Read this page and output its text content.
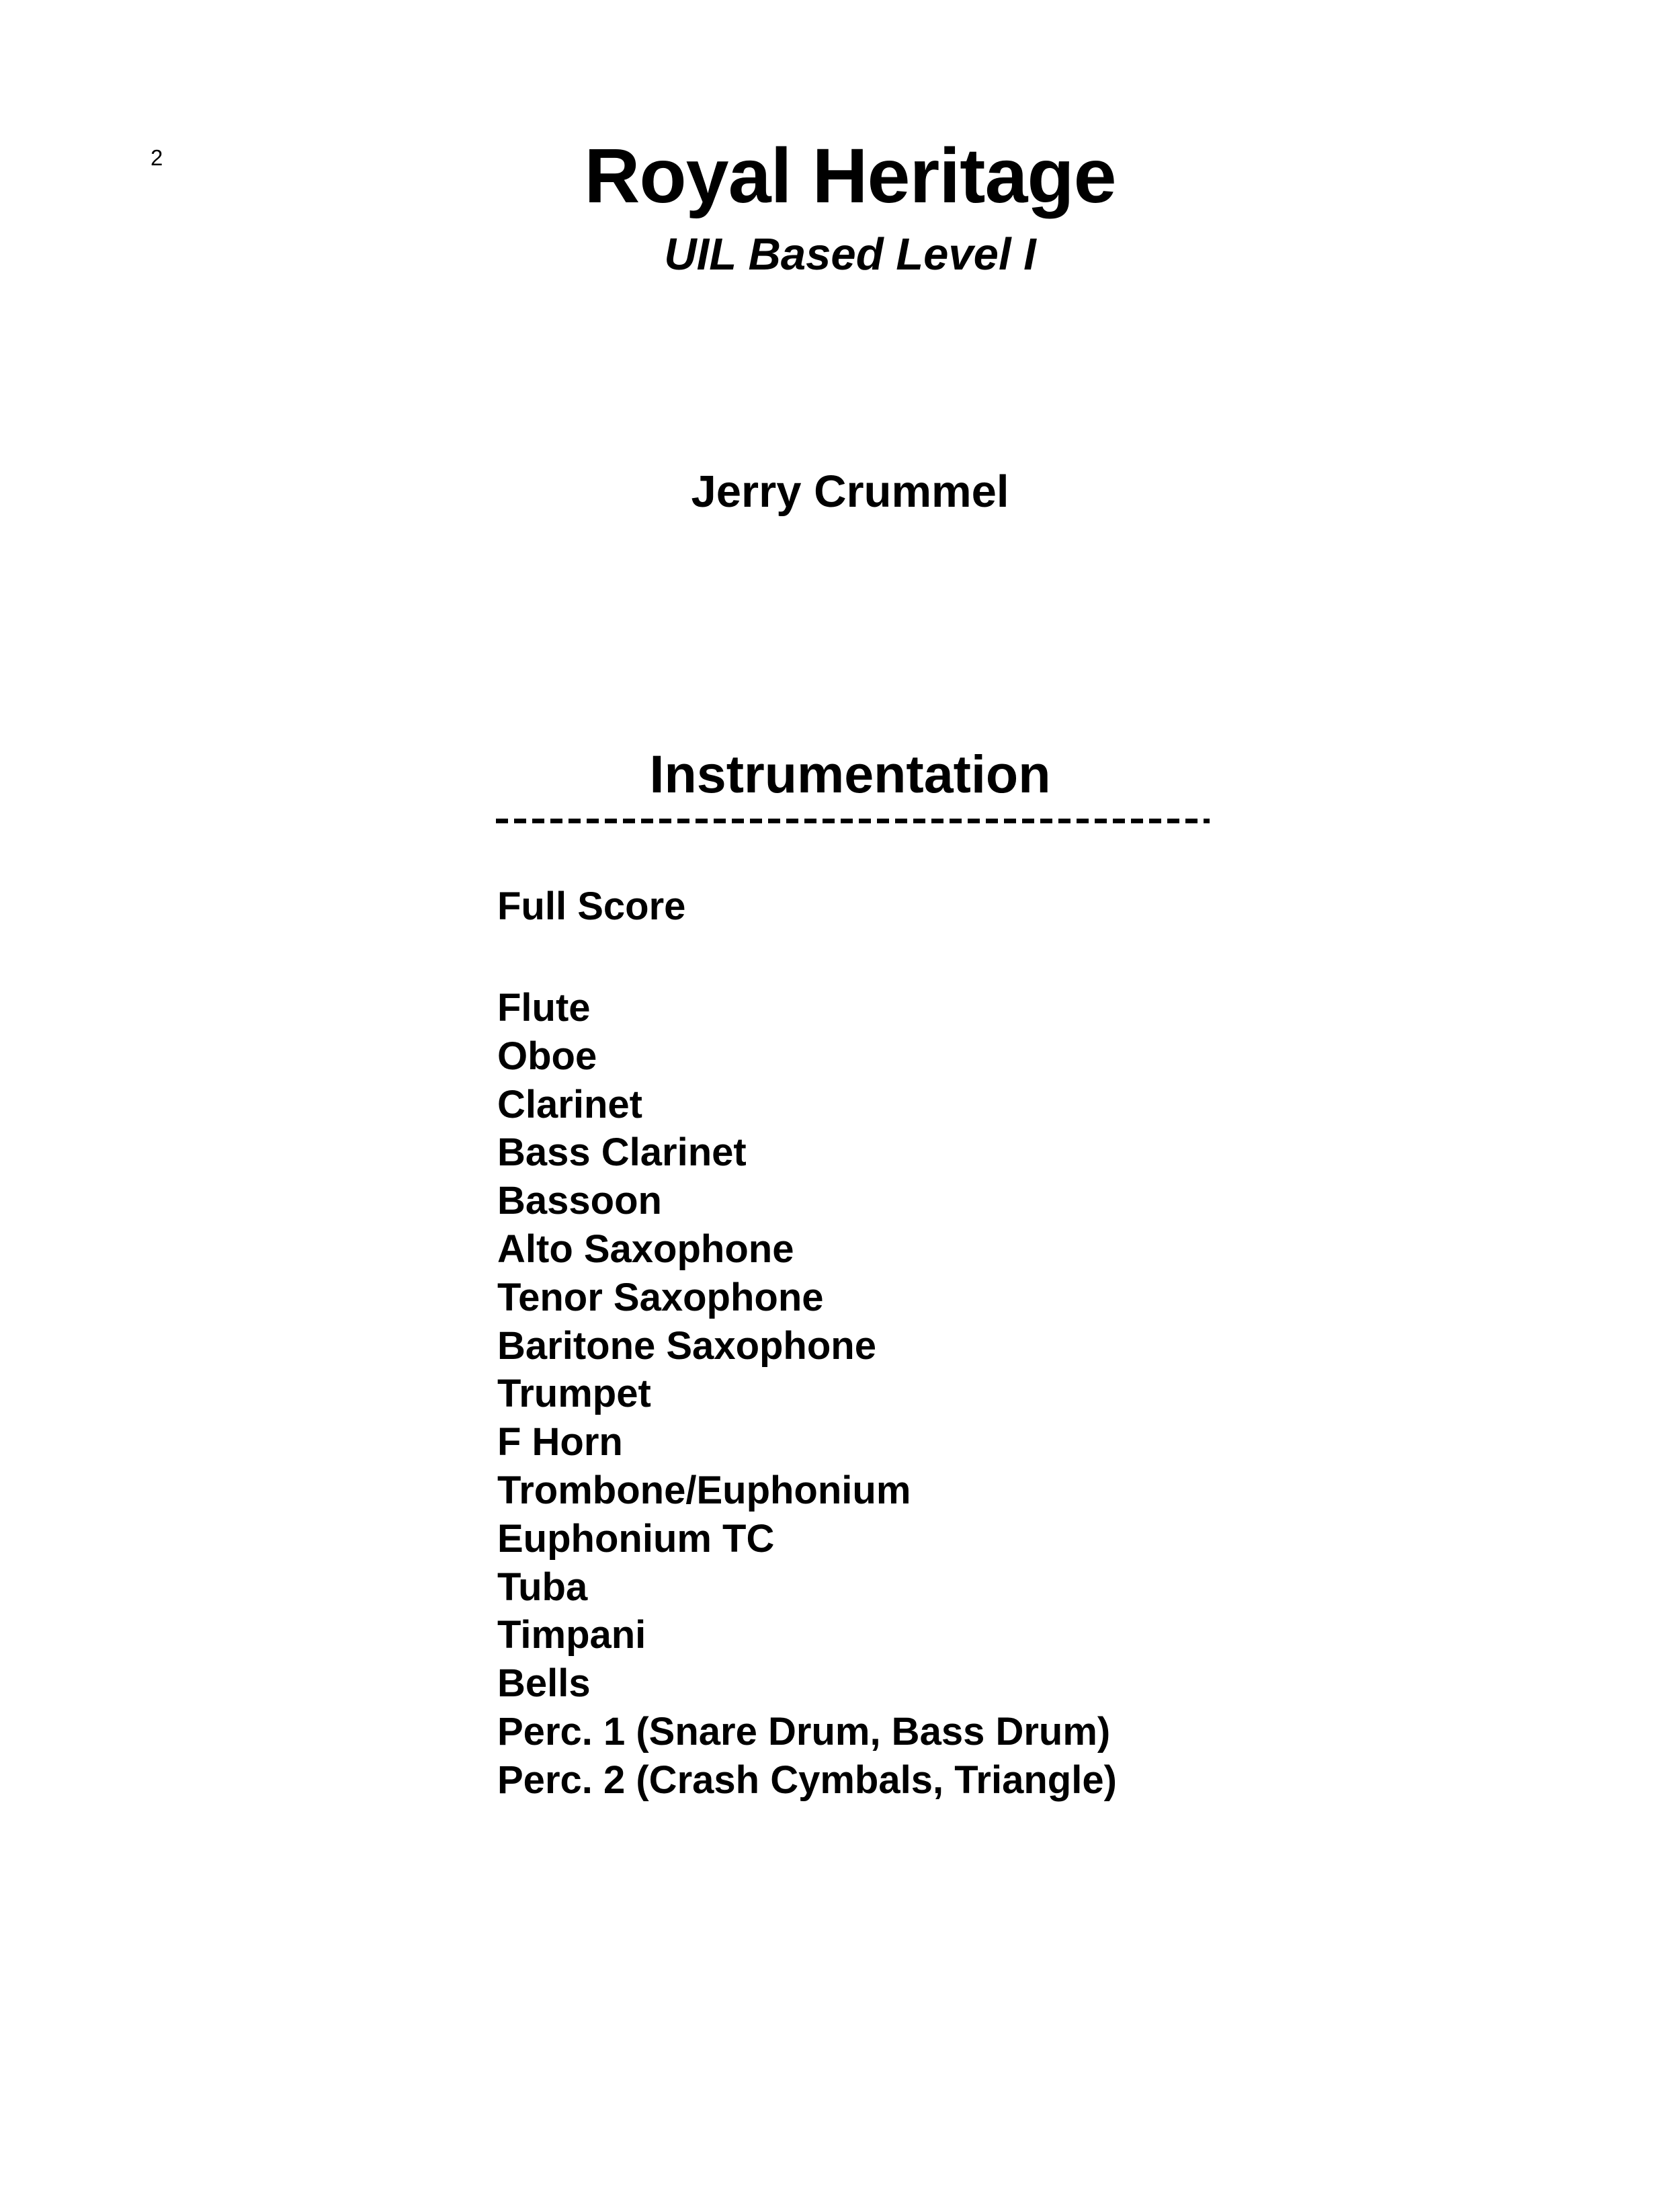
2	Royal Heritage
UIL Based Level I
Jerry Crummel
Instrumentation
Full Score
Flute
Oboe
Clarinet
Bass Clarinet
Bassoon
Alto Saxophone
Tenor Saxophone
Baritone Saxophone
Trumpet
F Horn
Trombone/Euphonium
Euphonium TC
Tuba
Timpani
Bells
Perc. 1 (Snare Drum, Bass Drum)
Perc. 2 (Crash Cymbals, Triangle)
